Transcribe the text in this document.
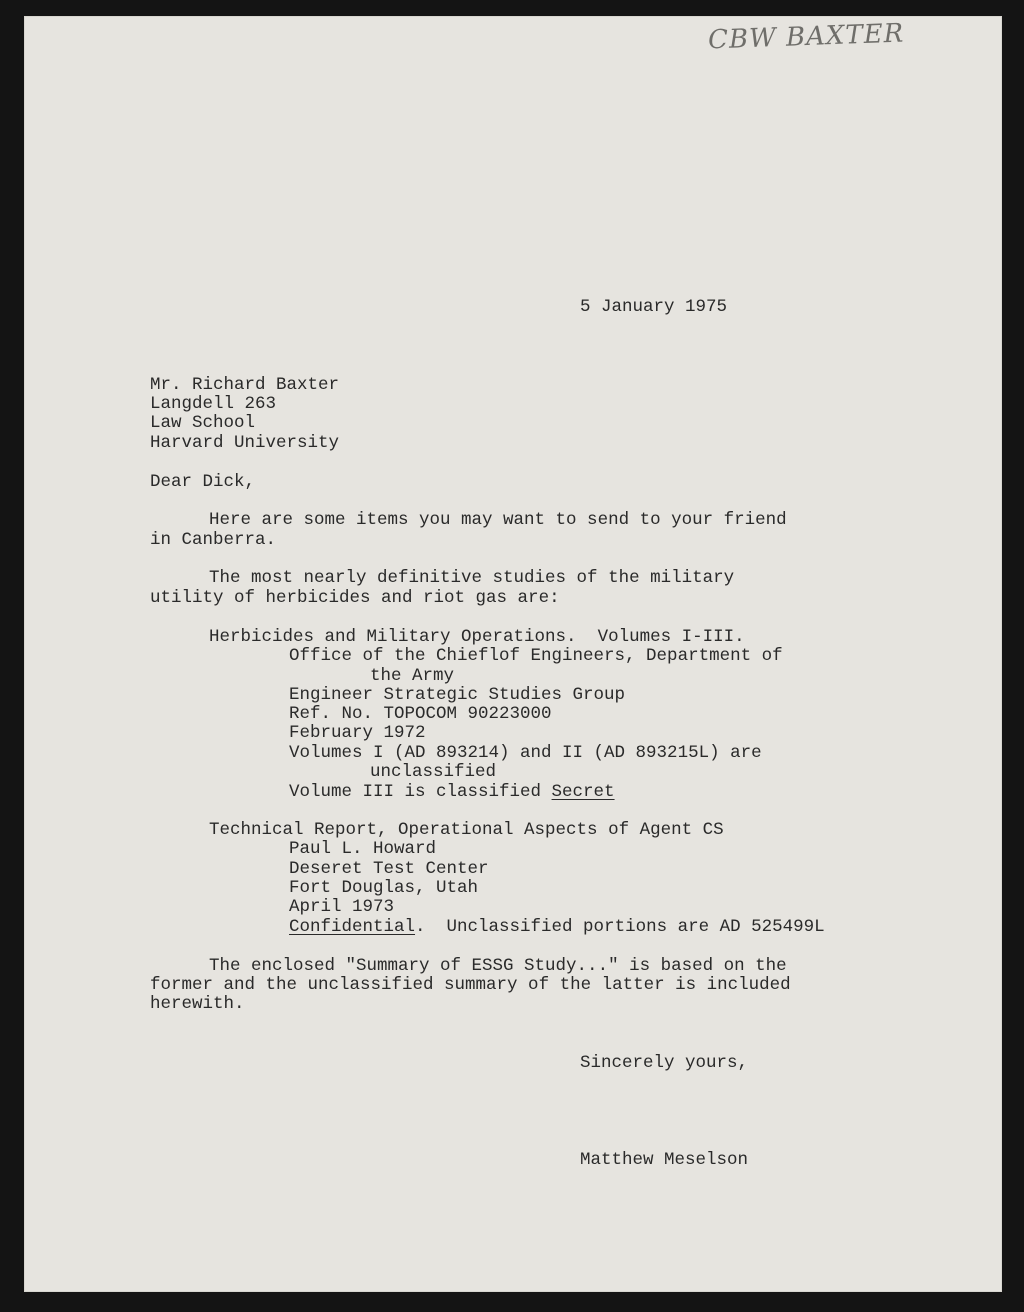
CBW BAXTER
5 January 1975
Mr. Richard Baxter
Langdell 263
Law School
Harvard University
Dear Dick,
Here are some items you may want to send to your friend
in Canberra.
The most nearly definitive studies of the military
utility of herbicides and riot gas are:
Herbicides and Military Operations.  Volumes I-III.
Office of the Chieflof Engineers, Department of
the Army
Engineer Strategic Studies Group
Ref. No. TOPOCOM 90223000
February 1972
Volumes I (AD 893214) and II (AD 893215L) are
unclassified
Volume III is classified Secret
Technical Report, Operational Aspects of Agent CS
Paul L. Howard
Deseret Test Center
Fort Douglas, Utah
April 1973
Confidential.  Unclassified portions are AD 525499L
The enclosed "Summary of ESSG Study..." is based on the
former and the unclassified summary of the latter is included
herewith.
Sincerely yours,
Matthew Meselson
